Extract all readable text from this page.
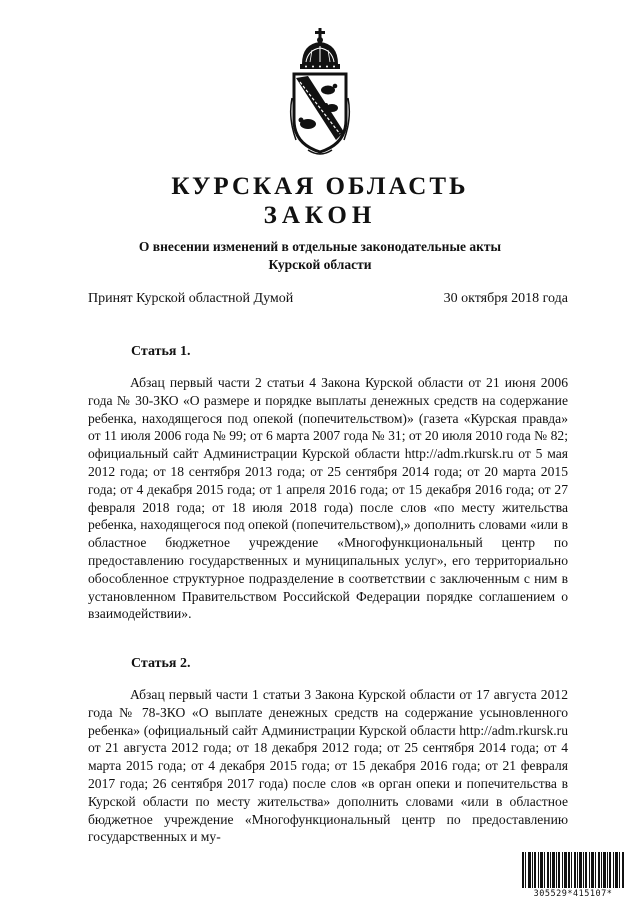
КУРСКАЯ ОБЛАСТЬ
ЗАКОН
О внесении изменений в отдельные законодательные акты
Курской области
Принят Курской областной Думой	30 октября 2018 года
Статья 1.

Абзац первый части 2 статьи 4 Закона Курской области от 21 июня 2006 года № 30-ЗКО «О размере и порядке выплаты денежных средств на содержание ребенка, находящегося под опекой (попечительством)» (газета «Курская правда» от 11 июля 2006 года № 99; от 6 марта 2007 года № 31; от 20 июля 2010 года № 82; официальный сайт Администрации Курской области http://adm.rkursk.ru от 5 мая 2012 года; от 18 сентября 2013 года; от 25 сентября 2014 года; от 20 марта 2015 года; от 4 декабря 2015 года; от 1 апреля 2016 года; от 15 декабря 2016 года; от 27 февраля 2018 года; от 18 июля 2018 года) после слов «по месту жительства ребенка, находящегося под опекой (попечительством),» дополнить словами «или в областное бюджетное учреждение «Многофункциональный центр по предоставлению государственных и муниципальных услуг», его территориально обособленное структурное подразделение в соответствии с заключенным с ним в установленном Правительством Российской Федерации порядке соглашением о взаимодействии».

Статья 2.

Абзац первый части 1 статьи 3 Закона Курской области от 17 августа 2012 года № 78-ЗКО «О выплате денежных средств на содержание усыновленного ребенка» (официальный сайт Администрации Курской области http://adm.rkursk.ru от 21 августа 2012 года; от 18 декабря 2012 года; от 25 сентября 2014 года; от 4 марта 2015 года; от 4 декабря 2015 года; от 15 декабря 2016 года; от 21 февраля 2017 года; 26 сентября 2017 года) после слов «в орган опеки и попечительства в Курской области по месту жительства» дополнить словами «или в областное бюджетное учреждение «Многофункциональный центр по предоставлению государственных и му-

305529*415107*
